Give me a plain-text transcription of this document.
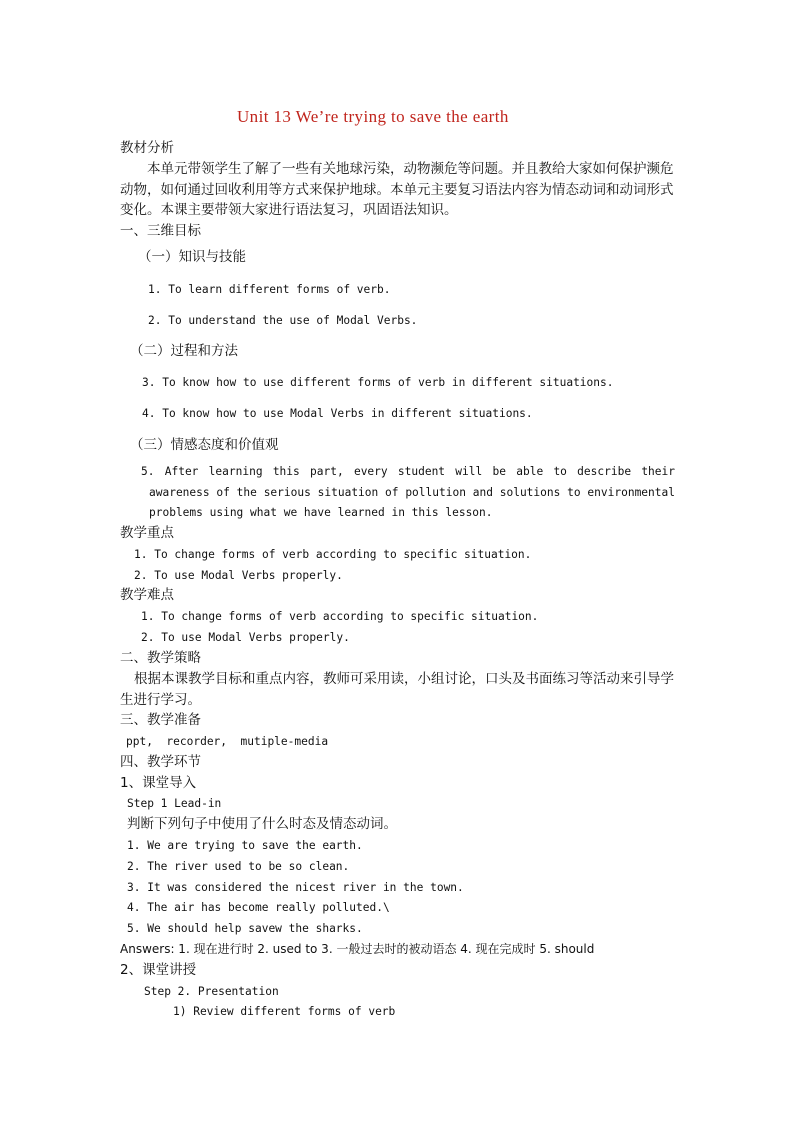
Unit 13 We’re trying to save the earth
教材分析
本单元带领学生了解了一些有关地球污染，动物濒危等问题。并且教给大家如何保护濒危动物，如何通过回收利用等方式来保护地球。本单元主要复习语法内容为情态动词和动词形式变化。本课主要带领大家进行语法复习，巩固语法知识。
一、三维目标
（一）知识与技能
1. To learn different forms of verb.
2. To understand the use of Modal Verbs.
（二）过程和方法
3. To know how to use different forms of verb in different situations.
4. To know how to use Modal Verbs in different situations.
（三）情感态度和价值观
5. After learning this part, every student will be able to describe their awareness of the serious situation of pollution and solutions to environmental problems using what we have learned in this lesson.
教学重点
1. To change forms of verb according to specific situation.
2. To use Modal Verbs properly.
教学难点
1. To change forms of verb according to specific situation.
2. To use Modal Verbs properly.
二、教学策略
根据本课教学目标和重点内容，教师可采用读，小组讨论，口头及书面练习等活动来引导学生进行学习。
三、教学准备
ppt,  recorder,  mutiple-media
四、教学环节
1、课堂导入
Step 1 Lead-in
判断下列句子中使用了什么时态及情态动词。
1. We are trying to save the earth.
2. The river used to be so clean.
3. It was considered the nicest river in the town.
4. The air has become really polluted.\
5. We should help savew the sharks.
Answers: 1. 现在进行时 2. used to 3. 一般过去时的被动语态 4. 现在完成时 5. should
2、课堂讲授
Step 2. Presentation
1) Review different forms of verb
